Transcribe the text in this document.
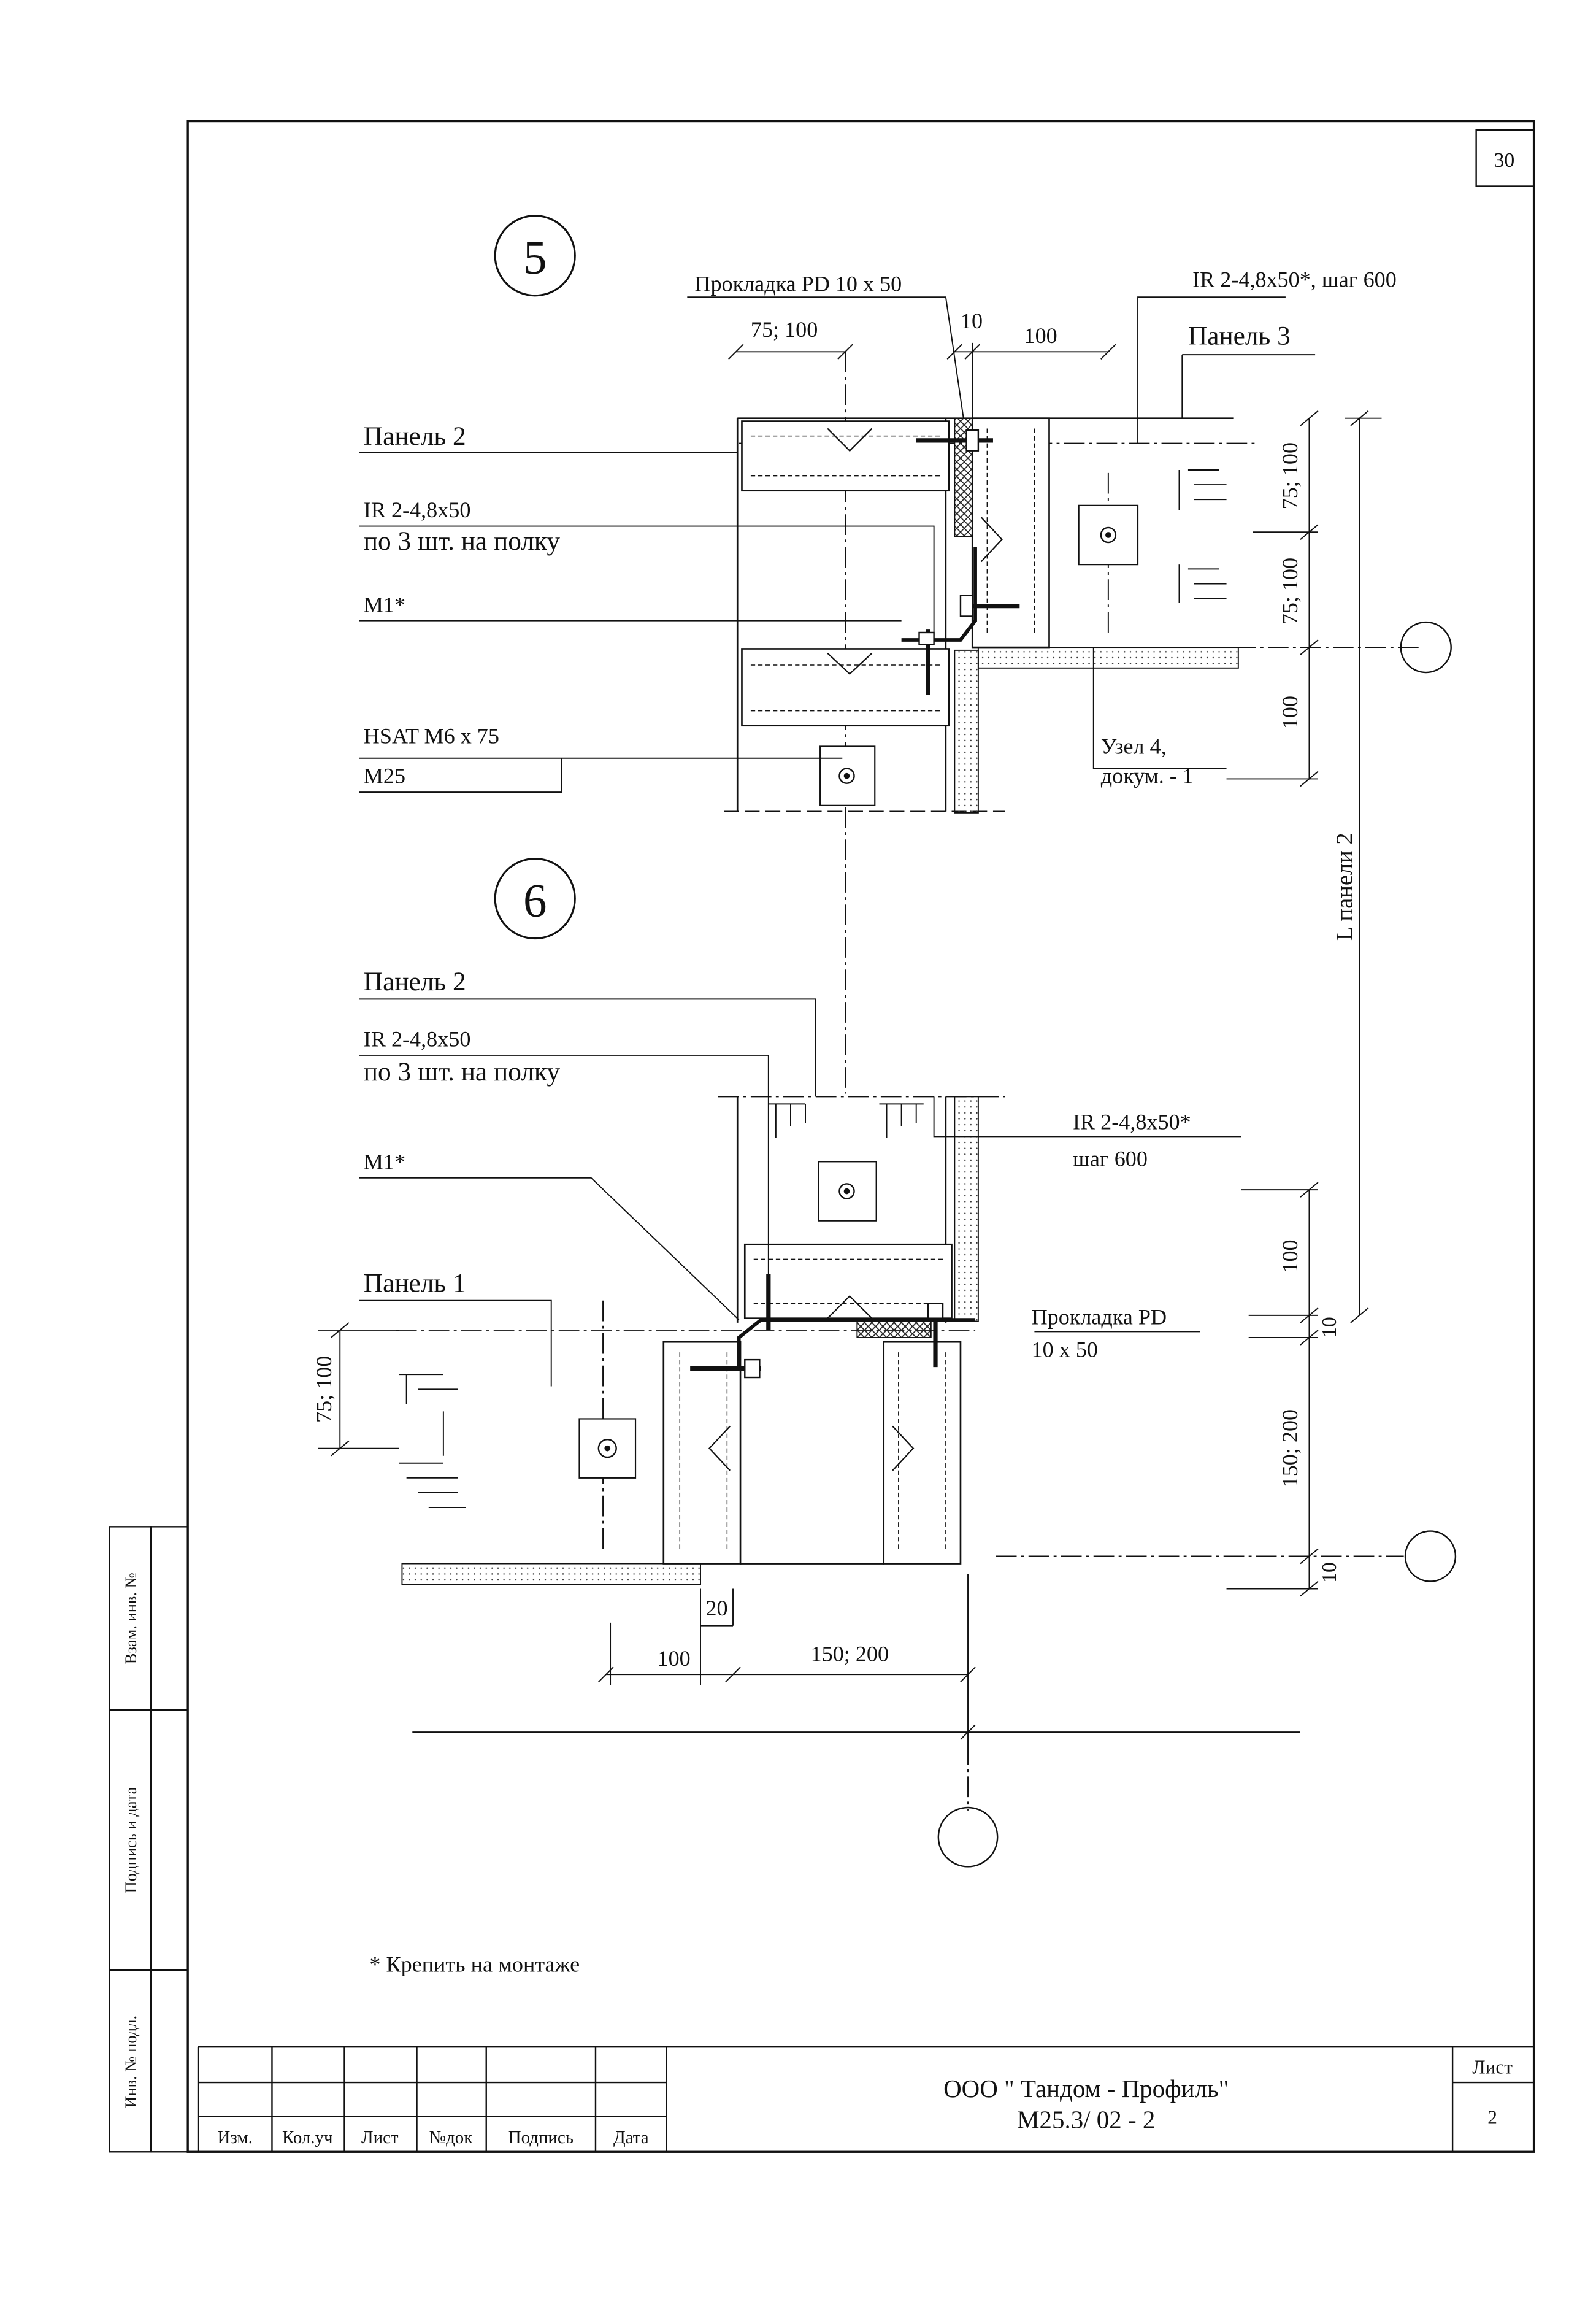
30
Взам. инв. №
Подпись и дата
Инв. № подл.
Изм.	Кол.уч	Лист	№док	Подпись	Дата
ООО " Тандом - Профиль"
М25.3/ 02 - 2
Лист
2
5	Прокладка PD 10 x 50	IR 2-4,8x50*, шаг 600
75; 100	10
100	Панель 3
Панель 2
IR 2-4,8x50
по 3 шт. на полку
M1*
HSAT M6 x 75
M25
Узел 4,
докум. - 1
75; 100
75; 100
100
L панели 2
6
Панель 2
IR 2-4,8x50
по 3 шт. на полку
IR 2-4,8x50*
шаг 600
M1*
Панель 1
Прокладка PD
10 x 50
75; 100
100
10
150; 200
10
20
100	150; 200
* Крепить на монтаже
